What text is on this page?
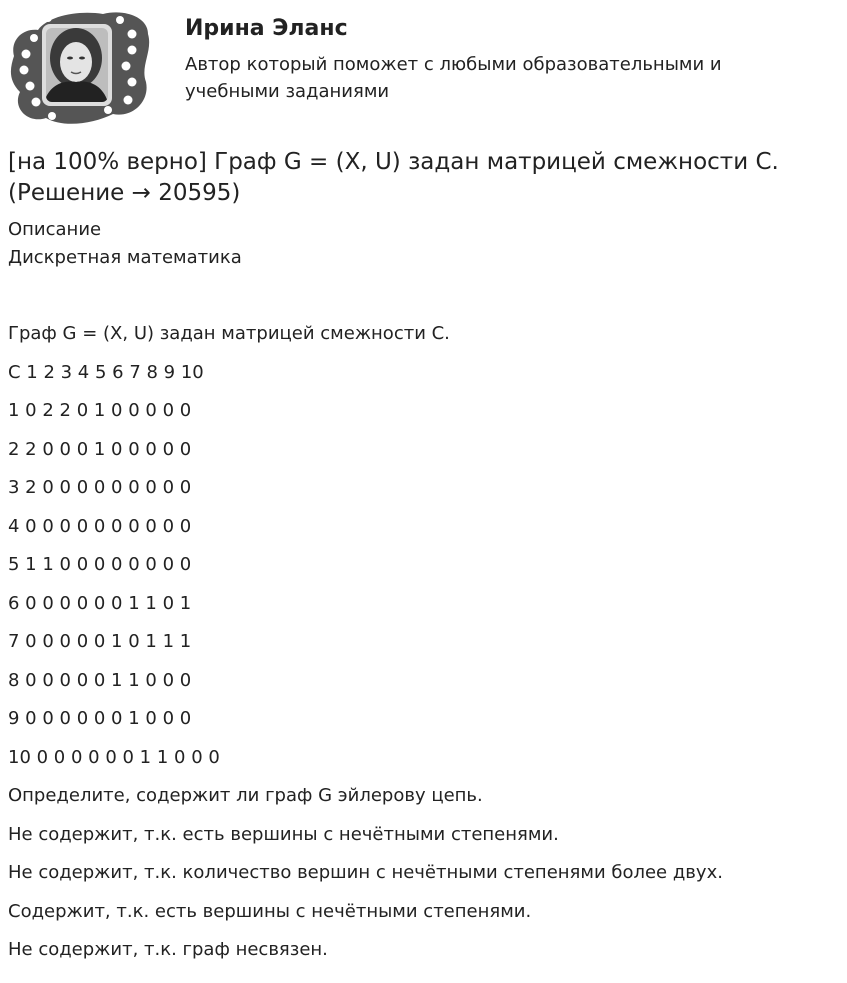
Ирина Эланс
Автор который поможет с любыми образовательными и учебными заданиями
[на 100% верно] Граф G = (X, U) задан матрицей смежности C. (Решение → 20595)
Описание
Дискретная математика
Граф G = (X, U) задан матрицей смежности C.
C 1 2 3 4 5 6 7 8 9 10
1 0 2 2 0 1 0 0 0 0 0
2 2 0 0 0 1 0 0 0 0 0
3 2 0 0 0 0 0 0 0 0 0
4 0 0 0 0 0 0 0 0 0 0
5 1 1 0 0 0 0 0 0 0 0
6 0 0 0 0 0 0 1 1 0 1
7 0 0 0 0 0 1 0 1 1 1
8 0 0 0 0 0 1 1 0 0 0
9 0 0 0 0 0 0 1 0 0 0
10 0 0 0 0 0 0 1 1 0 0 0
Определите, содержит ли граф G эйлерову цепь.
Не содержит, т.к. есть вершины с нечётными степенями.
Не содержит, т.к. количество вершин с нечётными степенями более двух.
Содержит, т.к. есть вершины с нечётными степенями.
Не содержит, т.к. граф несвязен.
